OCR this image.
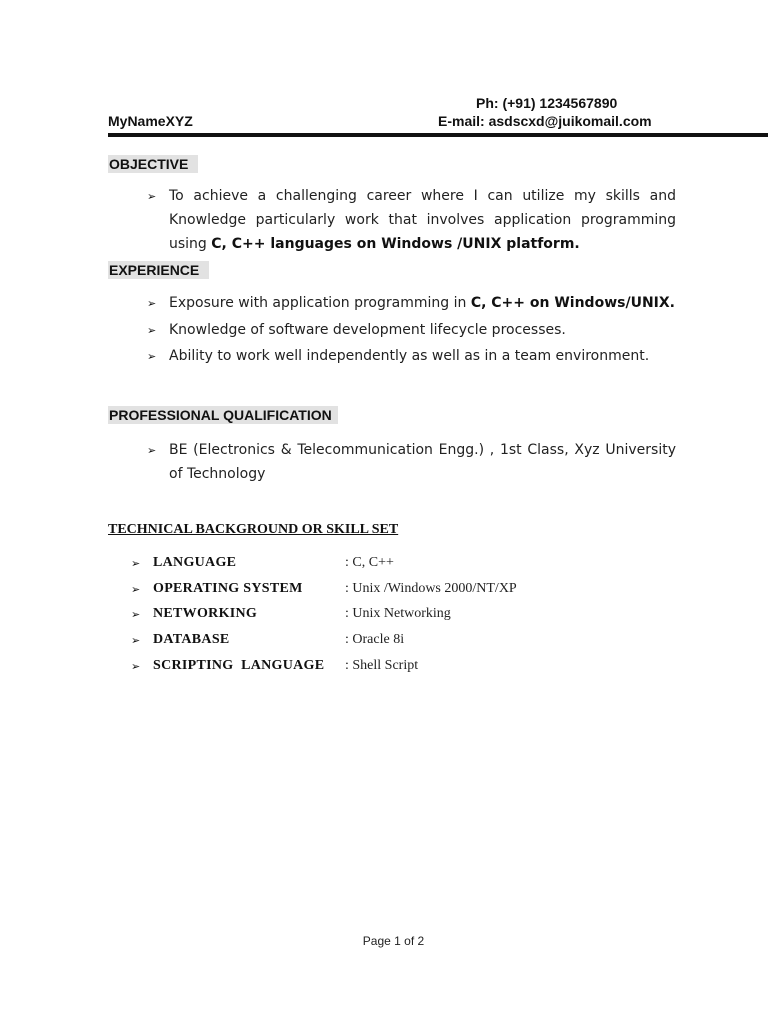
Ph: (+91) 1234567890
MyNameXYZ	E-mail: asdscxd@juikomail.com
OBJECTIVE
➢ To achieve a challenging career where I can utilize my skills and
Knowledge particularly work that involves application programming
using C, C++ languages on Windows /UNIX platform.
EXPERIENCE
➢ Exposure with application programming in C, C++ on Windows/UNIX.
➢ Knowledge of software development lifecycle processes.
➢ Ability to work well independently as well as in a team environment.
PROFESSIONAL QUALIFICATION
➢ BE (Electronics & Telecommunication Engg.) , 1st Class, Xyz University
of Technology
TECHNICAL BACKGROUND OR SKILL SET
➢ LANGUAGE	: C, C++
➢ OPERATING SYSTEM	: Unix /Windows 2000/NT/XP
➢ NETWORKING	: Unix Networking
➢ DATABASE	: Oracle 8i
➢ SCRIPTING  LANGUAGE : Shell Script
Page 1 of 2
